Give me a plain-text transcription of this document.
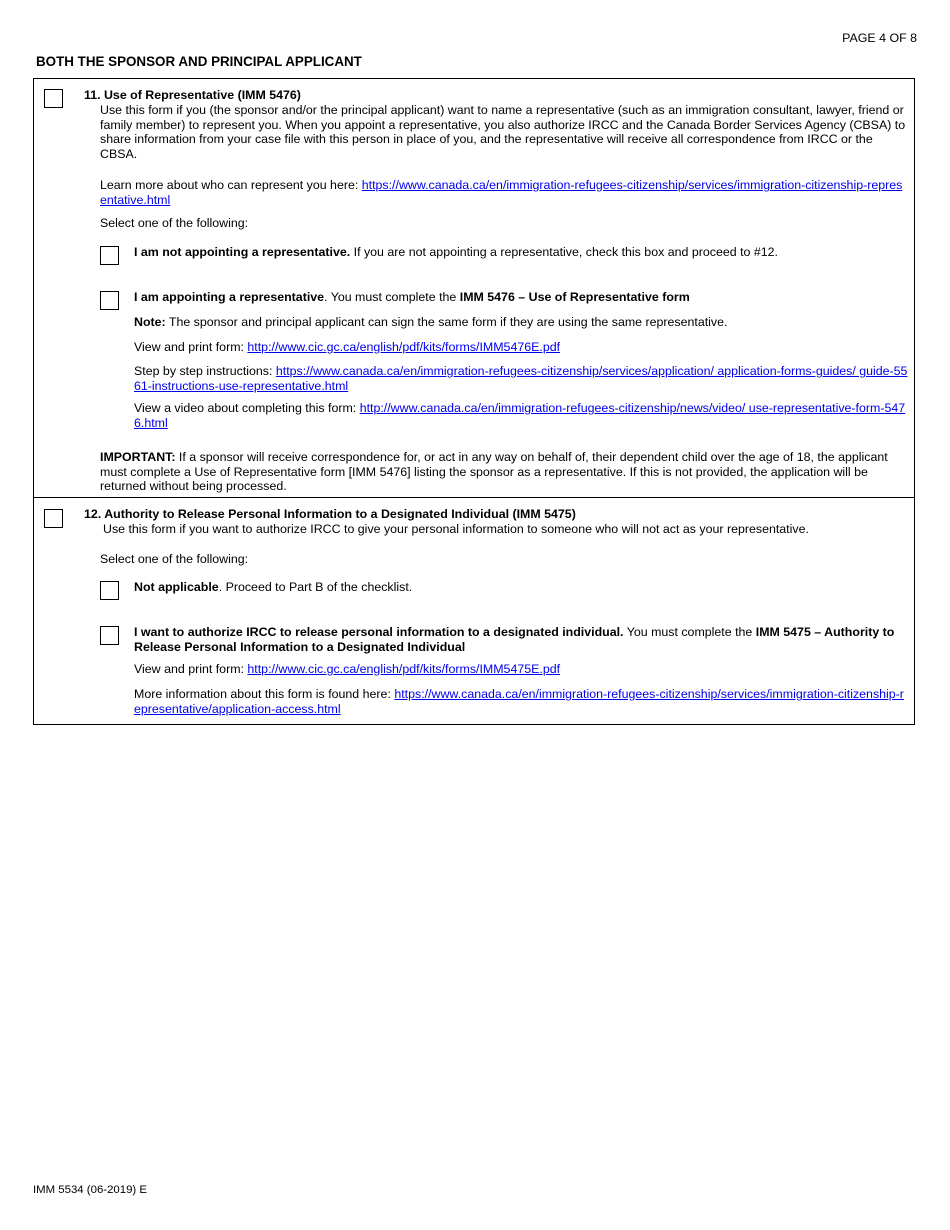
PAGE 4 OF 8
BOTH THE SPONSOR AND PRINCIPAL APPLICANT
11. Use of Representative (IMM 5476)
Use this form if you (the sponsor and/or the principal applicant) want to name a representative (such as an immigration consultant, lawyer, friend or family member) to represent you. When you appoint a representative, you also authorize IRCC and the Canada Border Services Agency (CBSA) to share information from your case file with this person in place of you, and the representative will receive all correspondence from IRCC or the CBSA.
Learn more about who can represent you here: https://www.canada.ca/en/immigration-refugees-citizenship/services/immigration-citizenship-representative.html
Select one of the following:
I am not appointing a representative. If you are not appointing a representative, check this box and proceed to #12.
I am appointing a representative. You must complete the IMM 5476 – Use of Representative form
Note: The sponsor and principal applicant can sign the same form if they are using the same representative.
View and print form: http://www.cic.gc.ca/english/pdf/kits/forms/IMM5476E.pdf
Step by step instructions: https://www.canada.ca/en/immigration-refugees-citizenship/services/application/ application-forms-guides/ guide-5561-instructions-use-representative.html
View a video about completing this form: http://www.canada.ca/en/immigration-refugees-citizenship/news/video/ use-representative-form-5476.html
IMPORTANT: If a sponsor will receive correspondence for, or act in any way on behalf of, their dependent child over the age of 18, the applicant must complete a Use of Representative form [IMM 5476] listing the sponsor as a representative. If this is not provided, the application will be returned without being processed.
12. Authority to Release Personal Information to a Designated Individual (IMM 5475)
Use this form if you want to authorize IRCC to give your personal information to someone who will not act as your representative.
Select one of the following:
Not applicable. Proceed to Part B of the checklist.
I want to authorize IRCC to release personal information to a designated individual. You must complete the IMM 5475 – Authority to Release Personal Information to a Designated Individual
View and print form: http://www.cic.gc.ca/english/pdf/kits/forms/IMM5475E.pdf
More information about this form is found here: https://www.canada.ca/en/immigration-refugees-citizenship/services/immigration-citizenship-representative/application-access.html
IMM 5534 (06-2019) E
